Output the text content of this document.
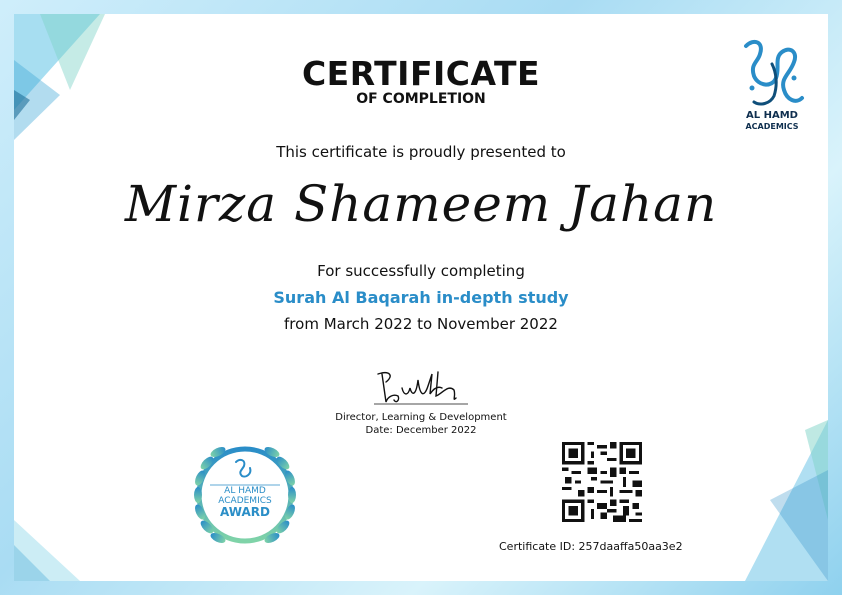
AL HAMD
ACADEMICS
CERTIFICATE
OF COMPLETION
This certificate is proudly presented to
Mirza Shameem Jahan
For successfully completing
Surah Al Baqarah in-depth study
from March 2022 to November 2022
Director, Learning & Development
Date: December 2022
AL HAMD
ACADEMICS
AWARD
Certificate ID: 257daaffa50aa3e2
